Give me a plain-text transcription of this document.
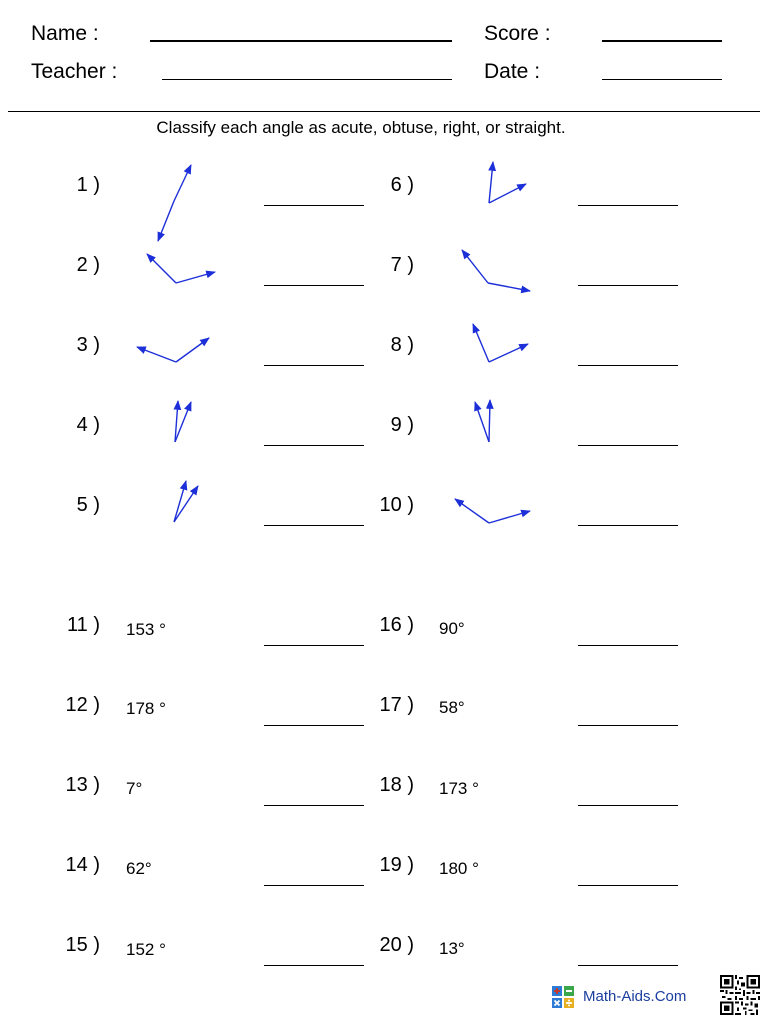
Name :
Teacher :
Score :
Date :
Classify each angle as acute, obtuse, right, or straight.
1 )
2 )
3 )
4 )
5 )
6 )
7 )
8 )
9 )
10 )
11 ) 153 °
12 ) 178 °
13 ) 7°
14 ) 62°
15 ) 152 °
16 ) 90°
17 ) 58°
18 ) 173 °
19 ) 180 °
20 ) 13°
Math-Aids.Com
